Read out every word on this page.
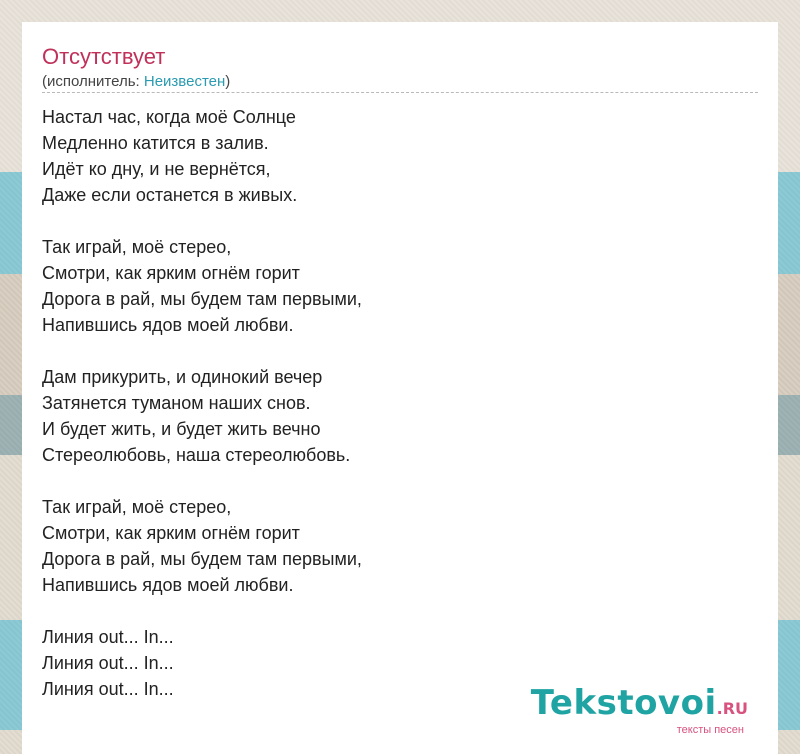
Отсутствует
(исполнитель: Неизвестен)
Настал час, когда моё Солнце
Медленно катится в залив.
Идёт ко дну, и не вернётся,
Даже если останется в живых.
Так играй, моё стерео,
Смотри, как ярким огнём горит
Дорога в рай, мы будем там первыми,
Напившись ядов моей любви.
Дам прикурить, и одинокий вечер
Затянется туманом наших снов.
И будет жить, и будет жить вечно
Стереолюбовь, наша стереолюбовь.
Так играй, моё стерео,
Смотри, как ярким огнём горит
Дорога в рай, мы будем там первыми,
Напившись ядов моей любви.
Линия out... In...
Линия out... In...
Линия out... In...	Tekstovoi.RU
тексты песен
